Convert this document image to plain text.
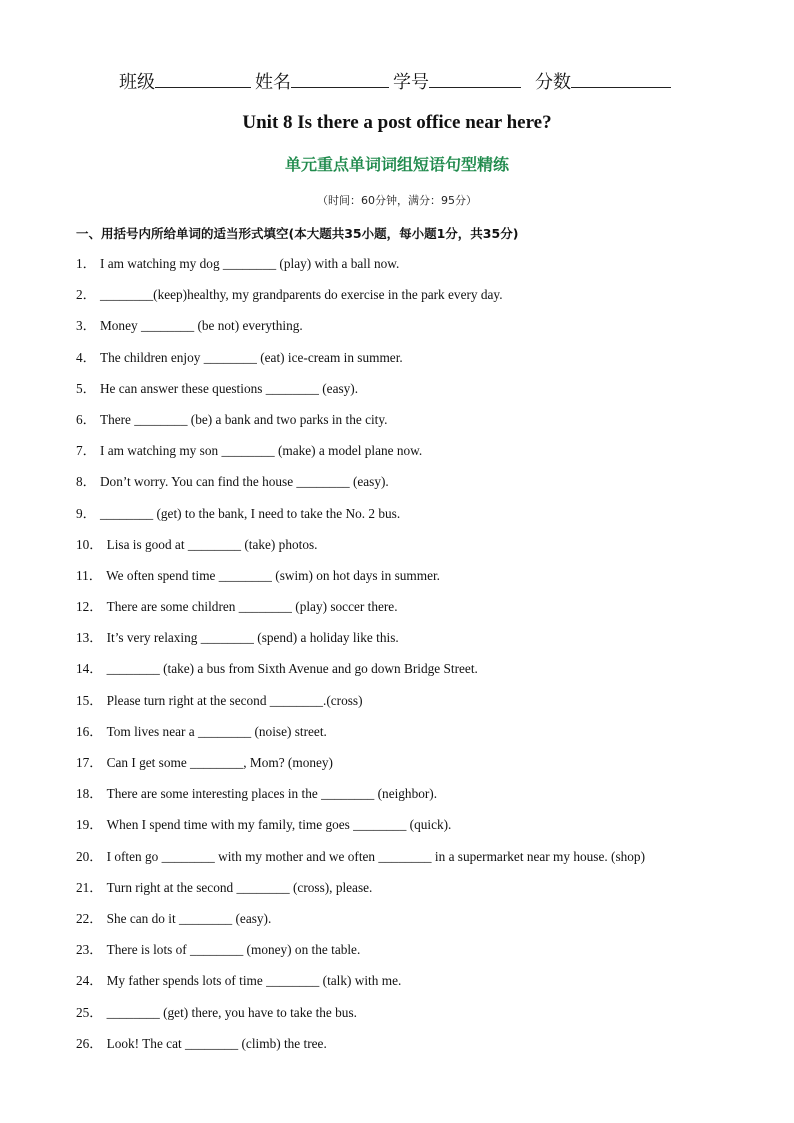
班级	姓名	学号	分数
Unit 8 Is there a post office near here?
单元重点单词词组短语句型精练
（时间：60分钟，满分：95分）
一、用括号内所给单词的适当形式填空(本大题共35小题，每小题1分，共35分)
1． I am watching my dog ________ (play) with a ball now.
2． ________(keep)healthy, my grandparents do exercise in the park every day.
3． Money ________ (be not) everything.
4． The children enjoy ________ (eat) ice-cream in summer.
5． He can answer these questions ________ (easy).
6． There ________ (be) a bank and two parks in the city.
7． I am watching my son ________ (make) a model plane now.
8． Don’t worry. You can find the house ________ (easy).
9． ________ (get) to the bank, I need to take the No. 2 bus.
10． Lisa is good at ________ (take) photos.
11． We often spend time ________ (swim) on hot days in summer.
12． There are some children ________ (play) soccer there.
13． It’s very relaxing ________ (spend) a holiday like this.
14． ________ (take) a bus from Sixth Avenue and go down Bridge Street.
15． Please turn right at the second ________.(cross)
16． Tom lives near a ________ (noise) street.
17． Can I get some ________, Mom? (money)
18． There are some interesting places in the ________ (neighbor).
19． When I spend time with my family, time goes ________ (quick).
20． I often go ________ with my mother and we often ________ in a supermarket near my house. (shop)
21． Turn right at the second ________ (cross), please.
22． She can do it ________ (easy).
23． There is lots of ________ (money) on the table.
24． My father spends lots of time ________ (talk) with me.
25． ________ (get) there, you have to take the bus.
26． Look! The cat ________ (climb) the tree.
